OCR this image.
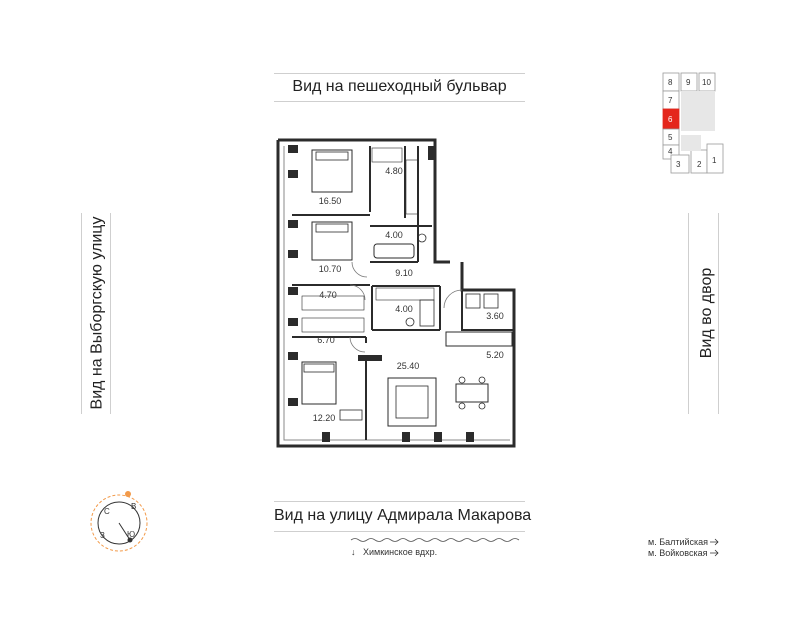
Вид на пешеходный бульвар
Вид на улицу Адмирала Макарова
Вид на Выборгскую улицу	Вид во двор
16.50
4.80
4.00
10.70	9.10
4.70
4.00
3.60
6.70
25.40
5.20
12.20
С
В
Ю
З
8 9 10
7
6
5
4
3 2 1
↓ Химкинское вдхр.
м. Балтийская
м. Войковская
